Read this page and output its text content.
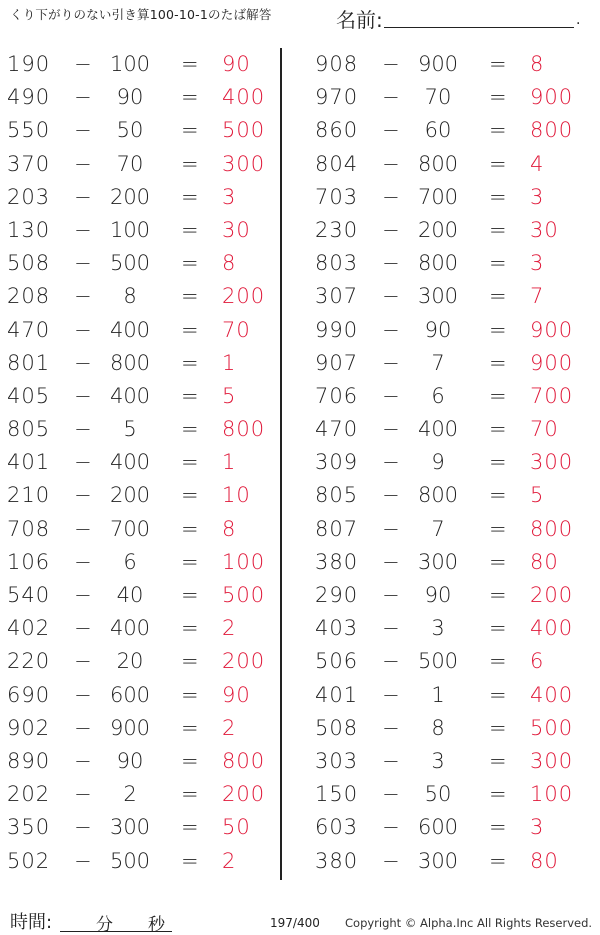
くり下がりのない引き算100-10-1のたば解答	名前:	.
190 − 100	= 90
490 −	90	= 400
550 −	50	= 500
370 −	70	= 300
203 − 200	= 3
130 − 100	= 30
508 − 500	= 8
208 −	8	= 200
470 − 400	= 70
801 − 800	= 1
405 − 400	= 5
805 −	5	= 800
401 − 400	= 1
210 − 200	= 10
708 − 700	= 8
106 −	6	= 100
540 −	40	= 500
402 − 400	= 2
220 −	20	= 200
690 − 600	= 90
902 − 900	= 2
890 −	90	= 800
202 −	2	= 200
350 − 300	= 50
502 − 500	= 2
908 − 900	= 8
970 −	70	= 900
860 −	60	= 800
804 − 800	= 4
703 − 700	= 3
230 − 200	= 30
803 − 800	= 3
307 − 300	= 7
990 −	90	= 900
907 −	7	= 900
706 −	6	= 700
470 − 400	= 70
309 −	9	= 300
805 − 800	= 5
807 −	7	= 800
380 − 300	= 80
290 −	90	= 200
403 −	3	= 400
506 − 500	= 6
401 −	1	= 400
508 −	8	= 500
303 −	3	= 300
150 −	50	= 100
603 − 600	= 3
380 − 300	= 80
時間:	分 秒	197/400 Copyright © Alpha.Inc All Rights Reserved.
